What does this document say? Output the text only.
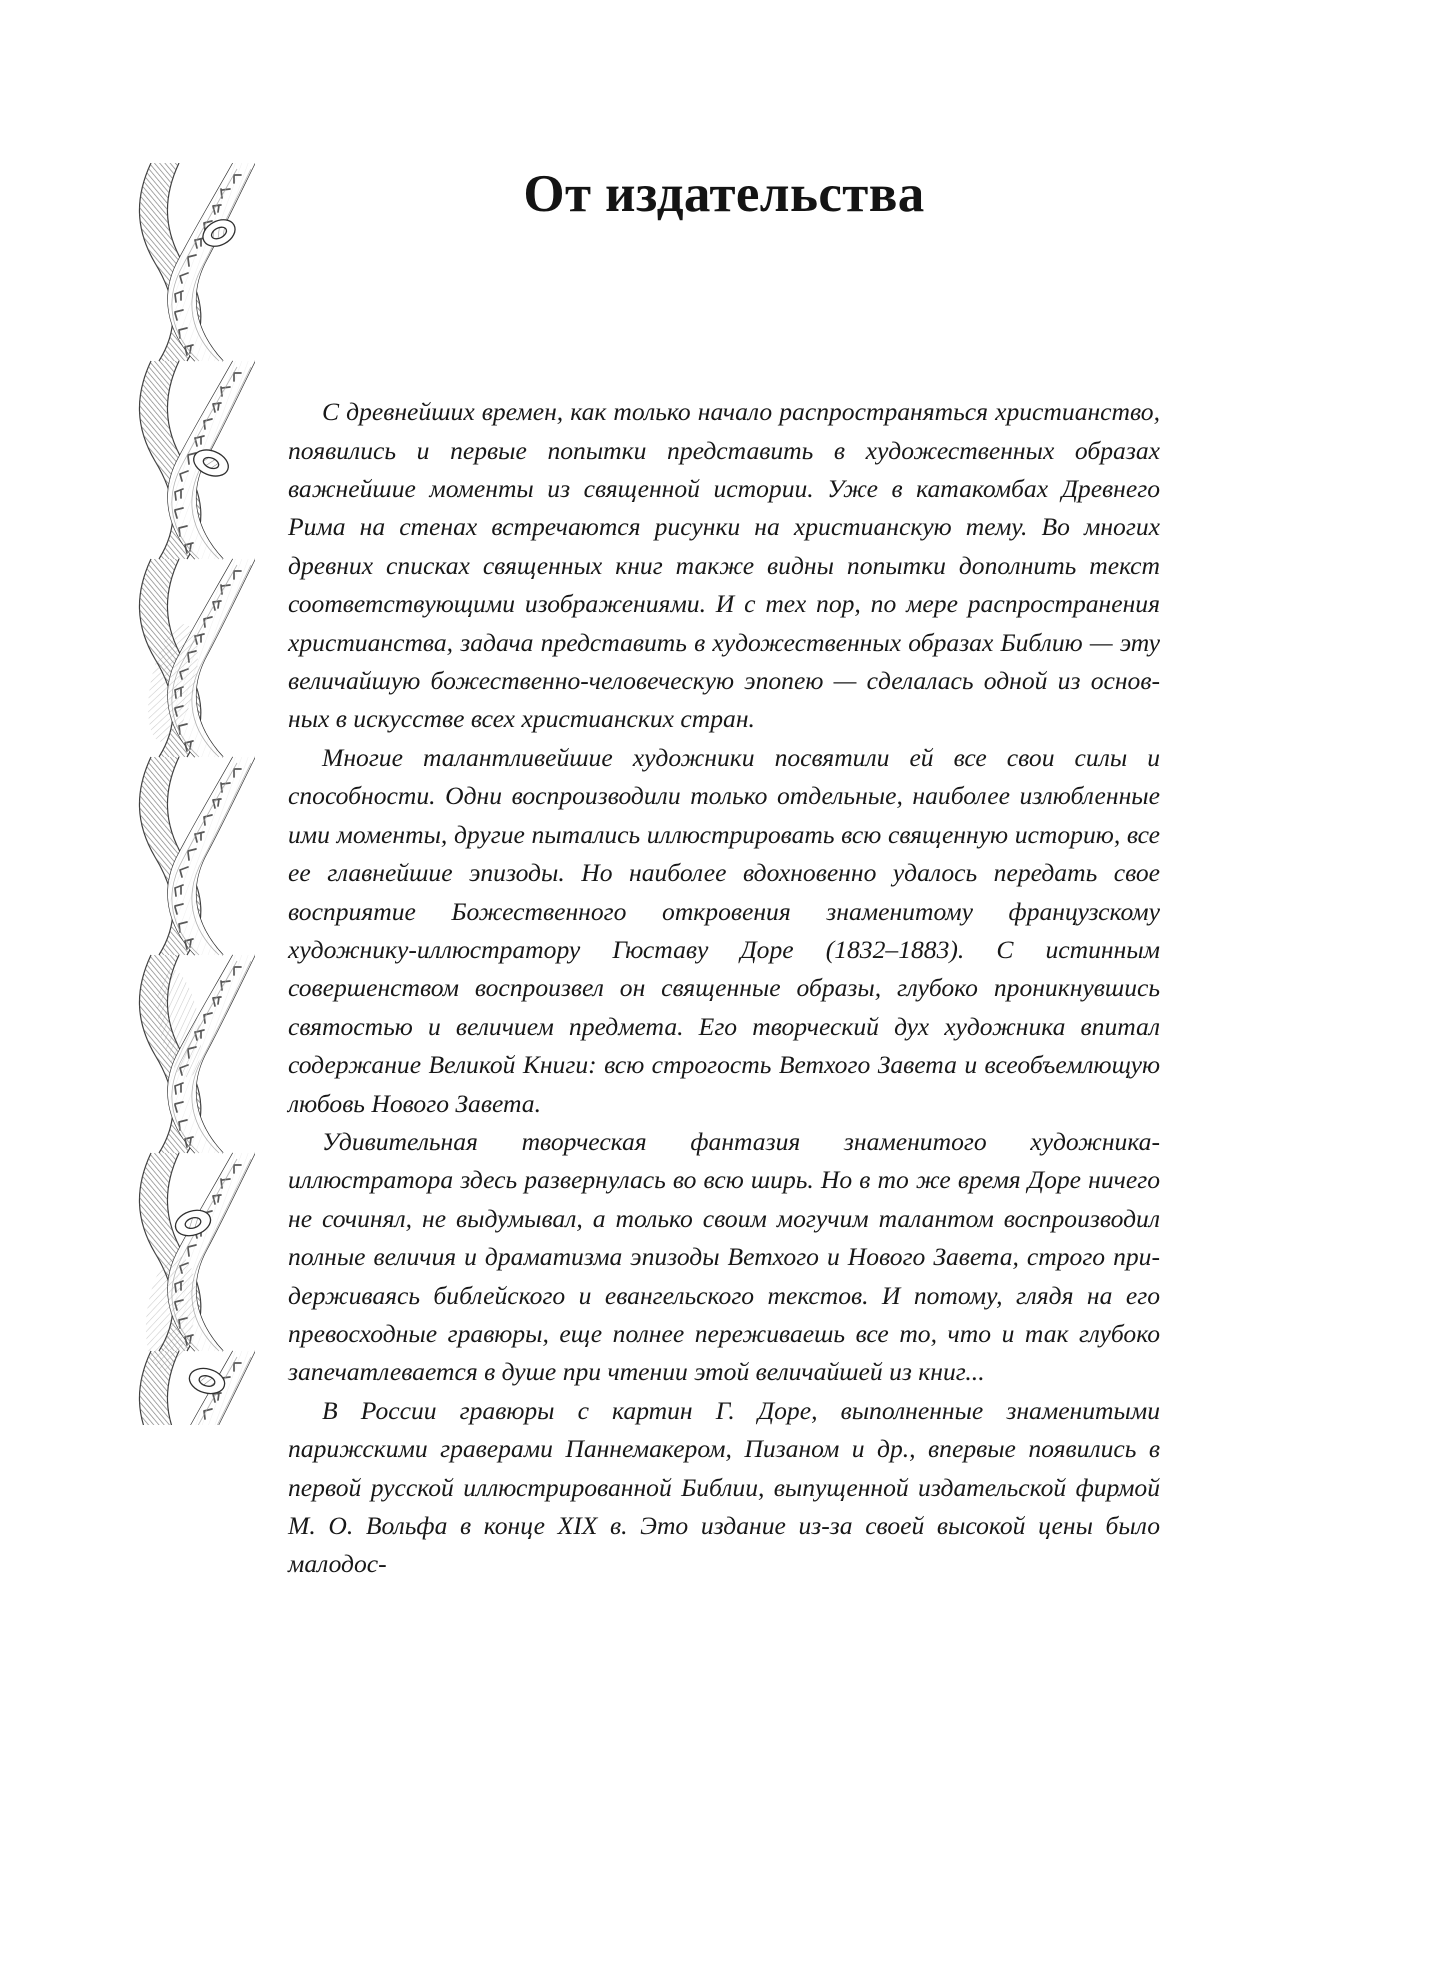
От издательства

С древнейших времен, как только начало распространяться христианство, появились и первые попытки представить в художественных образах важнейшие моменты из священной истории. Уже в катакомбах Древнего Рима на стенах встречаются рисунки на христианскую тему. Во многих древних списках священных книг также видны попытки дополнить текст соответствующими изображениями. И с тех пор, по мере распространения христианства, задача представить в художественных образах Библию — эту величайшую божественно-человеческую эпопею — сделалась одной из основных в искусстве всех христианских стран.

Многие талантливейшие художники посвятили ей все свои силы и способности. Одни воспроизводили только отдельные, наиболее излюбленные ими моменты, другие пытались иллюстрировать всю священную историю, все ее главнейшие эпизоды. Но наиболее вдохновенно удалось передать свое восприятие Божественного откровения знаменитому французскому художнику-иллюстратору Гюставу Доре (1832–1883). С истинным совершенством воспроизвел он священные образы, глубоко проникнувшись святостью и величием предмета. Его творческий дух художника впитал содержание Великой Книги: всю строгость Ветхого Завета и всеобъемлющую любовь Нового Завета.

Удивительная творческая фантазия знаменитого художника-иллюстратора здесь развернулась во всю ширь. Но в то же время Доре ничего не сочинял, не выдумывал, а только своим могучим талантом воспроизводил полные величия и драматизма эпизоды Ветхого и Нового Завета, строго придерживаясь библейского и евангельского текстов. И потому, глядя на его превосходные гравюры, еще полнее переживаешь все то, что и так глубоко запечатлевается в душе при чтении этой величайшей из книг...

В России гравюры с картин Г. Доре, выполненные знаменитыми парижскими граверами Паннемакером, Пизаном и др., впервые появились в первой русской иллюстрированной Библии, выпущенной издательской фирмой М. О. Вольфа в конце XIX в. Это издание из-за своей высокой цены было малодос-
